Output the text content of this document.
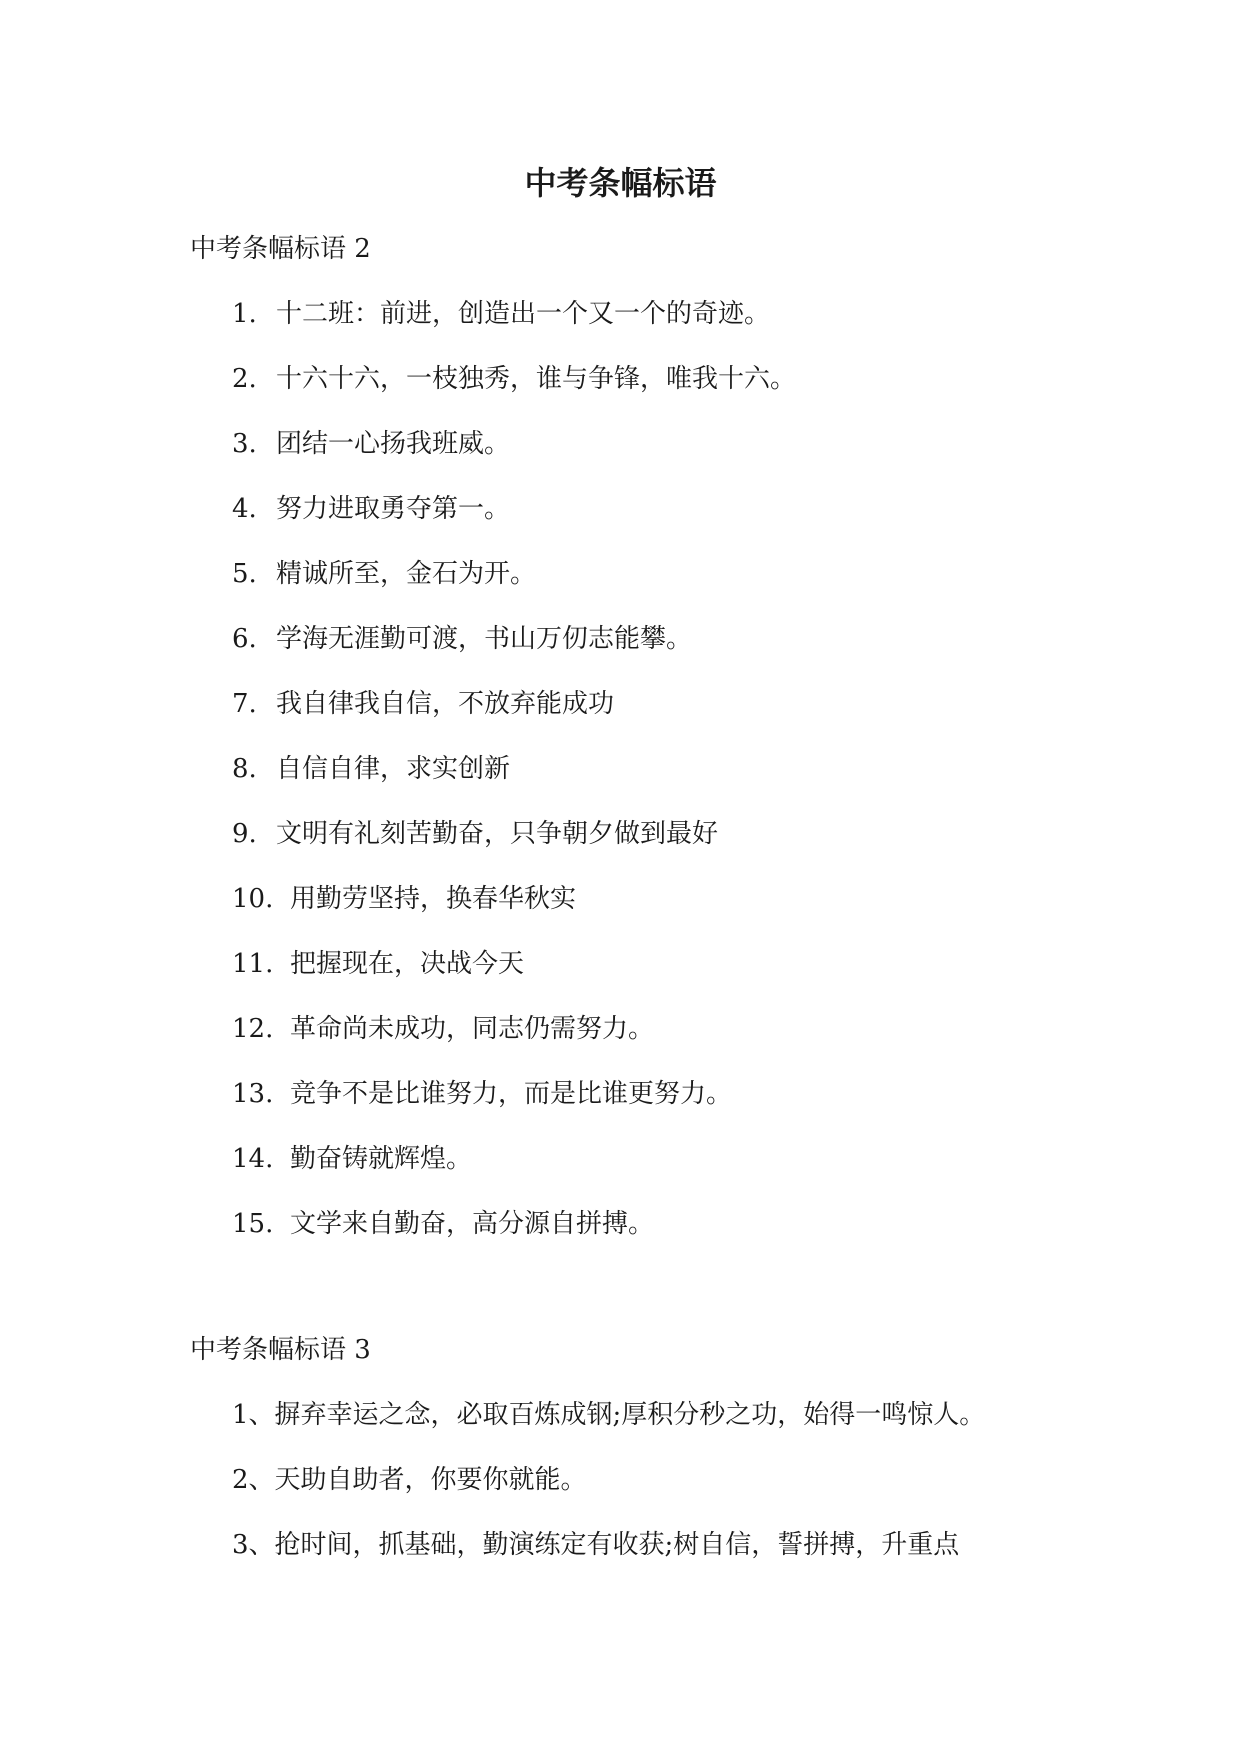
中考条幅标语
中考条幅标语 2
1. 十二班：前进，创造出一个又一个的奇迹。
2. 十六十六，一枝独秀，谁与争锋，唯我十六。
3. 团结一心扬我班威。
4. 努力进取勇夺第一。
5. 精诚所至，金石为开。
6. 学海无涯勤可渡，书山万仞志能攀。
7. 我自律我自信，不放弃能成功
8. 自信自律，求实创新
9. 文明有礼刻苦勤奋，只争朝夕做到最好
10. 用勤劳坚持，换春华秋实
11. 把握现在，决战今天
12. 革命尚未成功，同志仍需努力。
13. 竞争不是比谁努力，而是比谁更努力。
14. 勤奋铸就辉煌。
15. 文学来自勤奋，高分源自拼搏。
中考条幅标语 3
1、摒弃幸运之念，必取百炼成钢;厚积分秒之功，始得一鸣惊人。
2、天助自助者，你要你就能。
3、抢时间，抓基础，勤演练定有收获;树自信，誓拼搏，升重点
